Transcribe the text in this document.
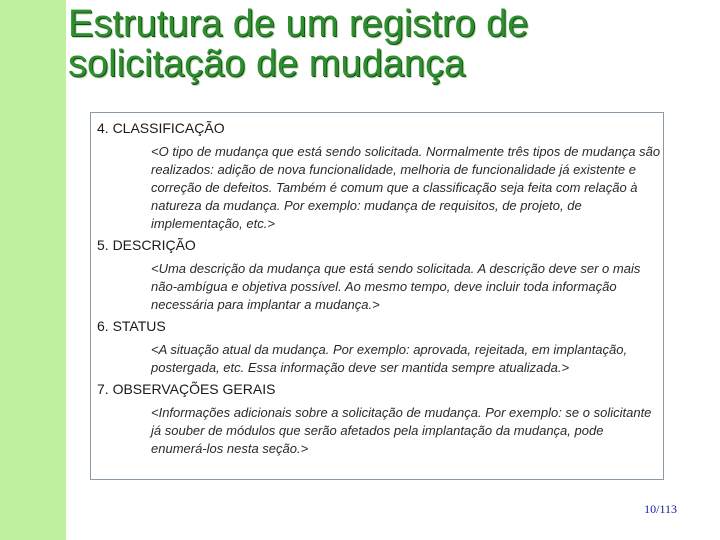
Estrutura de um registro de
solicitação de mudança

4. CLASSIFICAÇÃO

<O tipo de mudança que está sendo solicitada. Normalmente três tipos de mudança são realizados: adição de nova funcionalidade, melhoria de funcionalidade já existente e correção de defeitos. Também é comum que a classificação seja feita com relação à natureza da mudança. Por exemplo: mudança de requisitos, de projeto, de implementação, etc.>

5. DESCRIÇÃO

<Uma descrição da mudança que está sendo solicitada. A descrição deve ser o mais não-ambígua e objetiva possível. Ao mesmo tempo, deve incluir toda informação necessária para implantar a mudança.>

6. STATUS

<A situação atual da mudança. Por exemplo: aprovada, rejeitada, em implantação, postergada, etc. Essa informação deve ser mantida sempre atualizada.>

7. OBSERVAÇÕES GERAIS

<Informações adicionais sobre a solicitação de mudança. Por exemplo: se o solicitante já souber de módulos que serão afetados pela implantação da mudança, pode enumerá-los nesta seção.>

10/113
